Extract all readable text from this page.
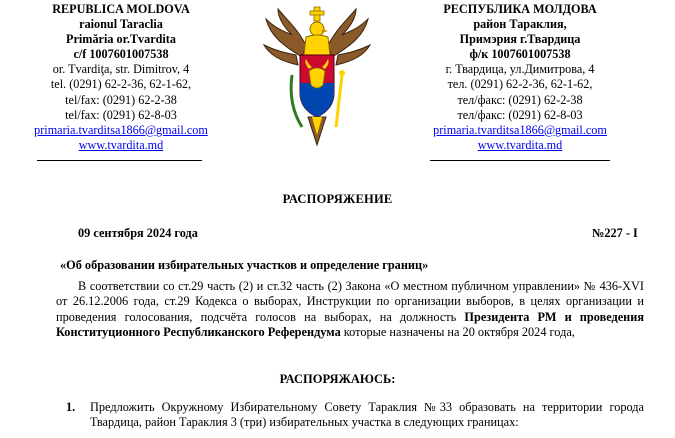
REPUBLICA MOLDOVA
raionul Taraclia
Primăria or.Tvardita
c/f 1007601007538
or. Tvardiţa, str. Dimitrov, 4
tel. (0291) 62-2-36, 62-1-62,
tel/fax: (0291) 62-2-38
tel/fax: (0291) 62-8-03
primaria.tvarditsa1866@gmail.com
www.tvardita.md
РЕСПУБЛИКА МОЛДОВА
район Тараклия,
Примэрия г.Твардица
ф/к 1007601007538
г. Твардица, ул.Димитрова, 4
тел. (0291) 62-2-36, 62-1-62,
тел/факс: (0291) 62-2-38
тел/факс: (0291) 62-8-03
primaria.tvarditsa1866@gmail.com
www.tvardita.md
РАСПОРЯЖЕНИЕ
09 сентября 2024 года	№227 - I
«Об образовании избирательных участков и определение границ»
В соответствии со ст.29 часть (2) и ст.32 часть (2) Закона «О местном публичном управлении» № 436-XVI от 26.12.2006 года, ст.29 Кодекса о выборах, Инструкции по организации выборов, в целях организации и проведения голосования, подсчёта голосов на выборах, на должность Президента РМ и проведения Конституционного Республиканского Референдума которые назначены на 20 октября 2024 года,
РАСПОРЯЖАЮСЬ:
1. Предложить Окружному Избирательному Совету Тараклия №33 образовать на территории города Твардица, район Тараклия 3 (три) избирательных участка в следующих границах:
